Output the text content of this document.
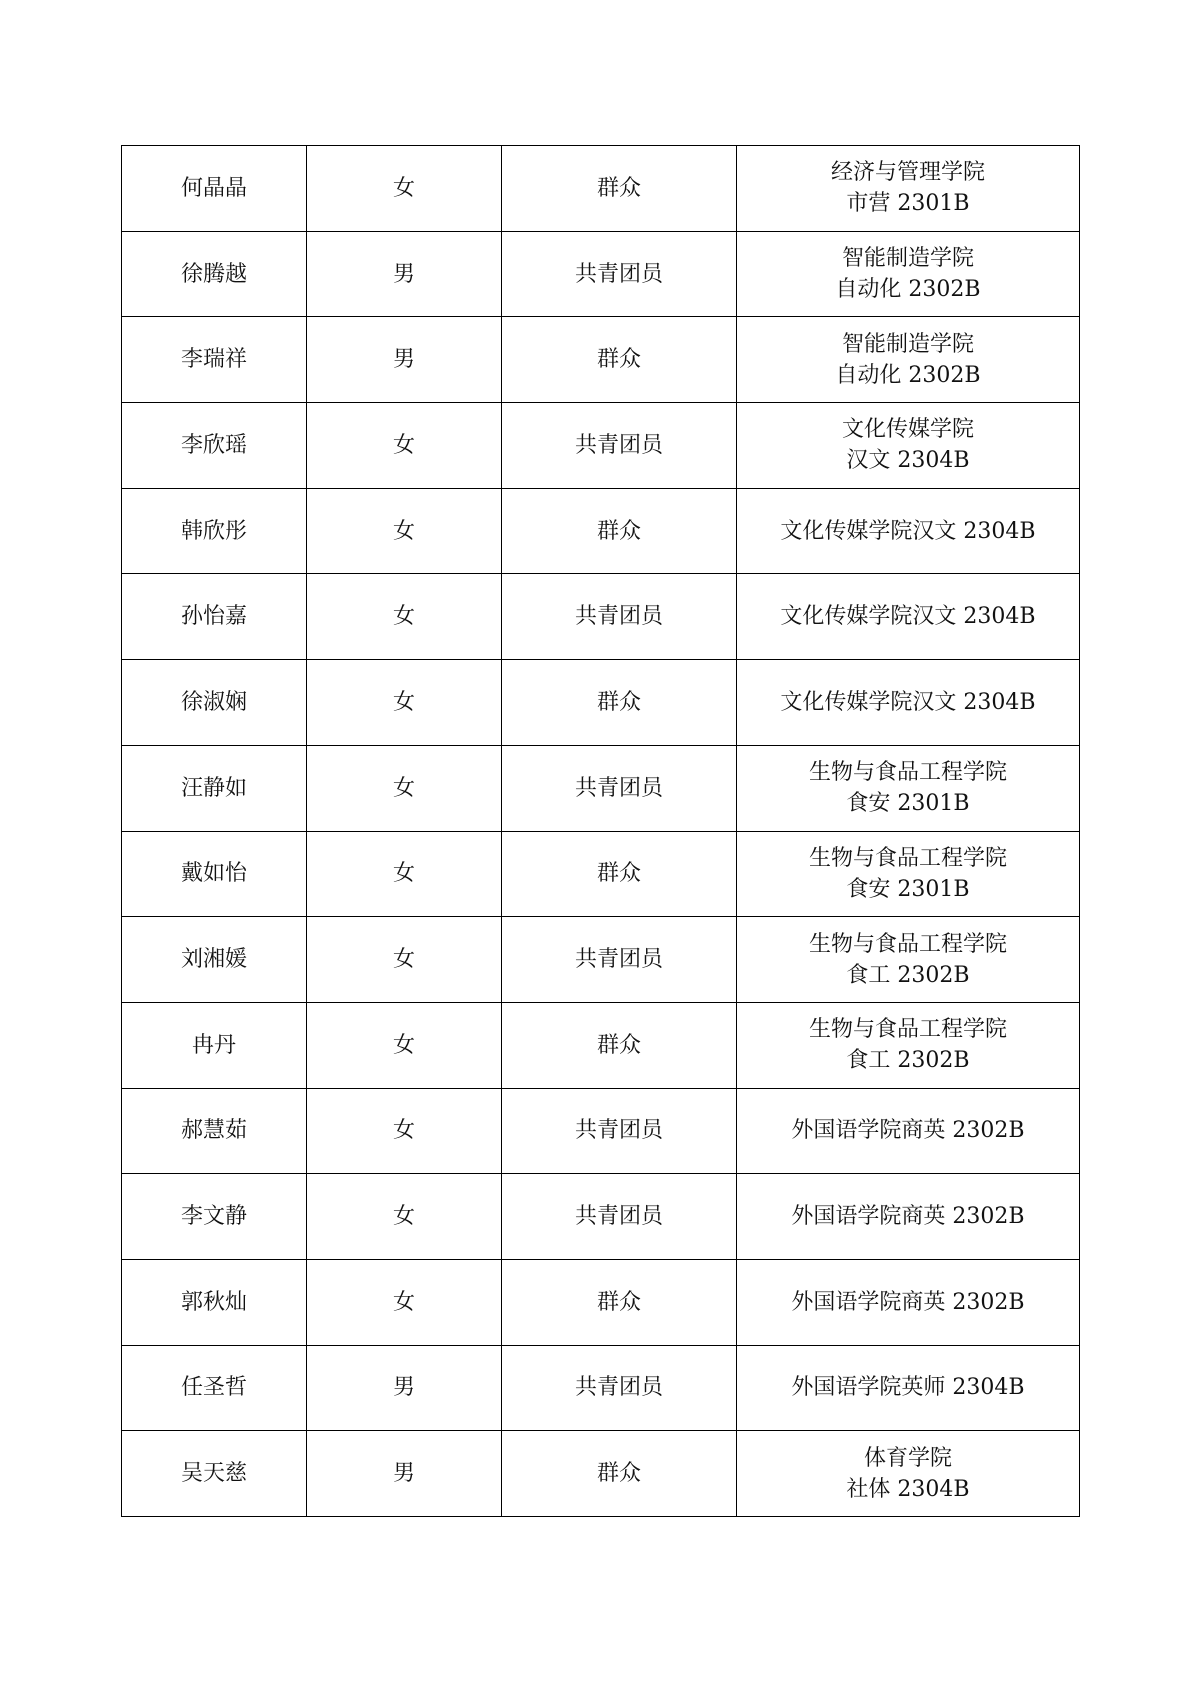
何晶晶	女	群众	经济与管理学院
市营 2301B

徐腾越	男	共青团员	智能制造学院
自动化 2302B

李瑞祥	男	群众	智能制造学院
自动化 2302B

李欣瑶	女	共青团员	文化传媒学院
汉文 2304B

韩欣彤	女	群众	文化传媒学院汉文 2304B

孙怡嘉	女	共青团员	文化传媒学院汉文 2304B

徐淑娴	女	群众	文化传媒学院汉文 2304B

汪静如	女	共青团员	生物与食品工程学院
食安 2301B

戴如怡	女	群众	生物与食品工程学院
食安 2301B

刘湘媛	女	共青团员	生物与食品工程学院
食工 2302B

冉丹	女	群众	生物与食品工程学院
食工 2302B

郝慧茹	女	共青团员	外国语学院商英 2302B

李文静	女	共青团员	外国语学院商英 2302B

郭秋灿	女	群众	外国语学院商英 2302B

任圣哲	男	共青团员	外国语学院英师 2304B

吴天慈	男	群众	体育学院
社体 2304B
